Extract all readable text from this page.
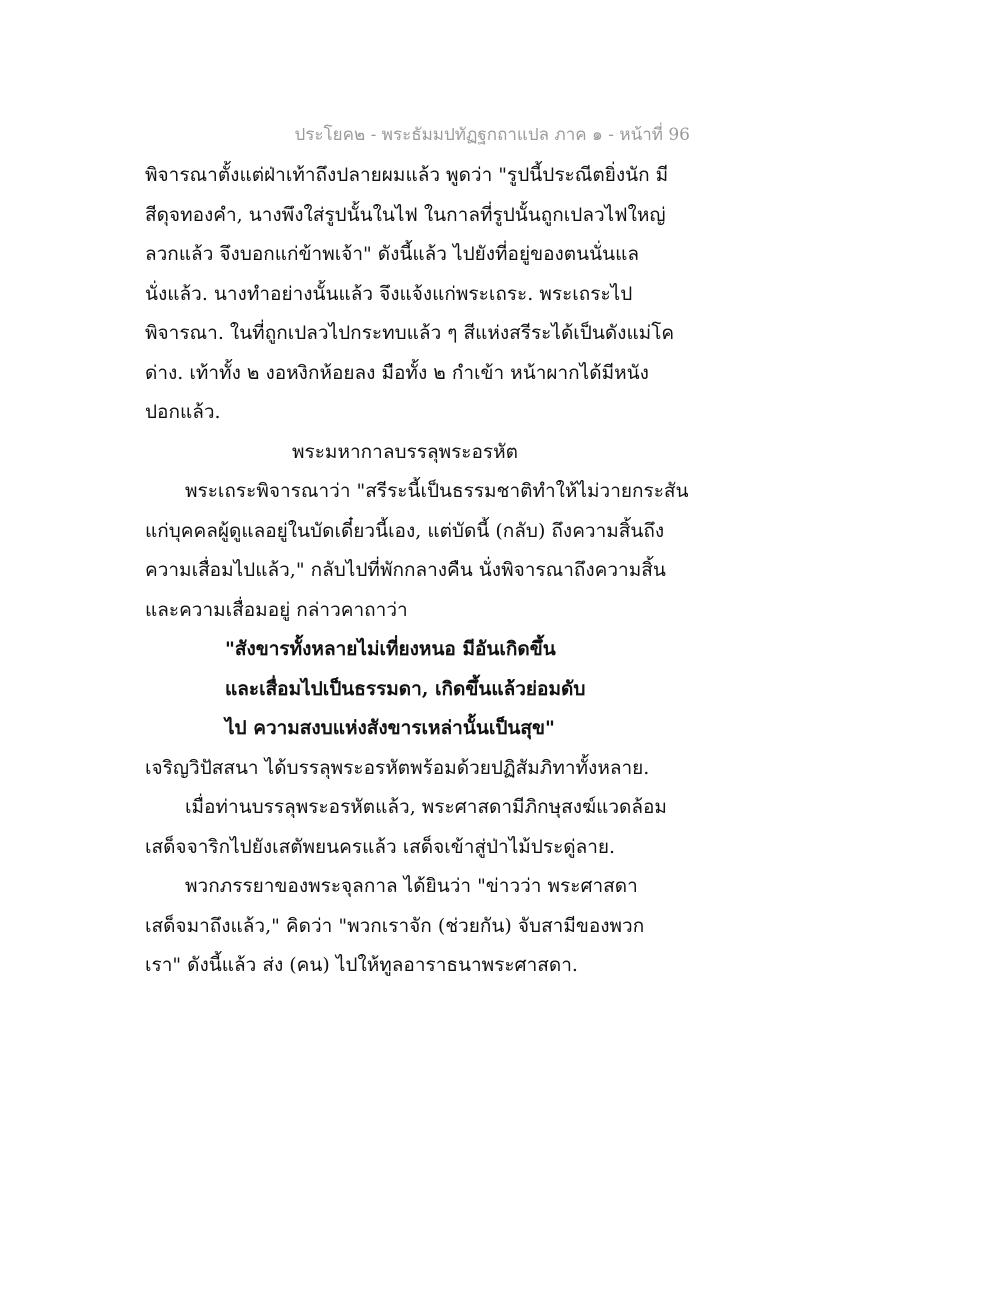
ประโยค๒ - พระธัมมปทัฏฐกถาแปล ภาค ๑ - หน้าที่ 96
พิจารณาตั้งแต่ฝ่าเท้าถึงปลายผมแล้ว พูดว่า "รูปนี้ประณีตยิ่งนัก มี
สีดุจทองคำ, นางพึงใส่รูปนั้นในไฟ ในกาลที่รูปนั้นถูกเปลวไฟใหญ่
ลวกแล้ว จึงบอกแก่ข้าพเจ้า" ดังนี้แล้ว ไปยังที่อยู่ของตนนั่นแล
นั่งแล้ว. นางทำอย่างนั้นแล้ว จึงแจ้งแก่พระเถระ. พระเถระไป
พิจารณา. ในที่ถูกเปลวไปกระทบแล้ว ๆ สีแห่งสรีระได้เป็นดังแม่โค
ด่าง. เท้าทั้ง ๒ งอหงิกห้อยลง มือทั้ง ๒ กำเข้า หน้าผากได้มีหนัง
ปอกแล้ว.
พระมหากาลบรรลุพระอรหัต
พระเถระพิจารณาว่า "สรีระนี้เป็นธรรมชาติทำให้ไม่วายกระสัน
แก่บุคคลผู้ดูแลอยู่ในบัดเดี๋ยวนี้เอง, แต่บัดนี้ (กลับ) ถึงความสิ้นถึง
ความเสื่อมไปแล้ว," กลับไปที่พักกลางคืน นั่งพิจารณาถึงความสิ้น
และความเสื่อมอยู่ กล่าวคาถาว่า
"สังขารทั้งหลายไม่เที่ยงหนอ มีอันเกิดขึ้น
และเสื่อมไปเป็นธรรมดา, เกิดขึ้นแล้วย่อมดับ
ไป ความสงบแห่งสังขารเหล่านั้นเป็นสุข"
เจริญวิปัสสนา ได้บรรลุพระอรหัตพร้อมด้วยปฏิสัมภิทาทั้งหลาย.
เมื่อท่านบรรลุพระอรหัตแล้ว, พระศาสดามีภิกษุสงฆ์แวดล้อม
เสด็จจาริกไปยังเสตัพยนครแล้ว เสด็จเข้าสู่ป่าไม้ประดู่ลาย.
พวกภรรยาของพระจุลกาล ได้ยินว่า "ข่าวว่า พระศาสดา
เสด็จมาถึงแล้ว," คิดว่า "พวกเราจัก (ช่วยกัน) จับสามีของพวก
เรา" ดังนี้แล้ว ส่ง (คน) ไปให้ทูลอาราธนาพระศาสดา.
